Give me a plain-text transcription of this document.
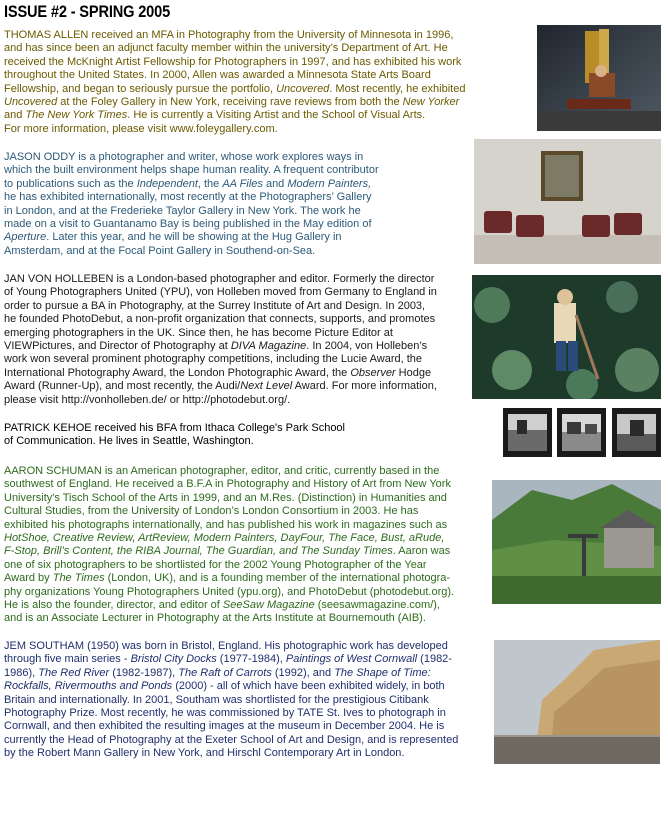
ISSUE #2 - SPRING 2005

THOMAS ALLEN received an MFA in Photography from the University of Minnesota in 1996,
and has since been an adjunct faculty member within the university’s Department of Art. He
received the McKnight Artist Fellowship for Photographers in 1997, and has exhibited his work
throughout the United States. In 2000, Allen was awarded a Minnesota State Arts Board
Fellowship, and began to seriously pursue the portfolio, Uncovered. Most recently, he exhibited
Uncovered at the Foley Gallery in New York, receiving rave reviews from both the New Yorker
and The New York Times. He is currently a Visiting Artist and the School of Visual Arts.
For more information, please visit www.foleygallery.com.

JASON ODDY is a photographer and writer, whose work explores ways in
which the built environment helps shape human reality. A frequent contributor
to publications such as the Independent, the AA Files and Modern Painters,
he has exhibited internationally, most recently at the Photographers’ Gallery
in London, and at the Frederieke Taylor Gallery in New York. The work he
made on a visit to Guantanamo Bay is being published in the May edition of
Aperture. Later this year, and he will be showing at the Hug Gallery in
Amsterdam, and at the Focal Point Gallery in Southend-on-Sea.

JAN VON HOLLEBEN is a London-based photographer and editor. Formerly the director
of Young Photographers United (YPU), von Holleben moved from Germany to England in
order to pursue a BA in Photography, at the Surrey Institute of Art and Design. In 2003,
he founded PhotoDebut, a non-profit organization that connects, supports, and promotes
emerging photographers in the UK. Since then, he has become Picture Editor at
VIEWPictures, and Director of Photography at DIVA Magazine. In 2004, von Holleben’s
work won several prominent photography competitions, including the Lucie Award, the
International Photography Award, the London Photographic Award, the Observer Hodge
Award (Runner-Up), and most recently, the Audi/Next Level Award. For more information,
please visit http://vonholleben.de/ or http://photodebut.org/.

PATRICK KEHOE received his BFA from Ithaca College's Park School
of Communication. He lives in Seattle, Washington.

AARON SCHUMAN is an American photographer, editor, and critic, currently based in the
southwest of England. He received a B.F.A in Photography and History of Art from New York
University's Tisch School of the Arts in 1999, and an M.Res. (Distinction) in Humanities and
Cultural Studies, from the University of London’s London Consortium in 2003. He has
exhibited his photographs internationally, and has published his work in magazines such as
HotShoe, Creative Review, ArtReview, Modern Painters, DayFour, The Face, Bust, aRude,
F-Stop, Brill’s Content, the RIBA Journal, The Guardian, and The Sunday Times. Aaron was
one of six photographers to be shortlisted for the 2002 Young Photographer of the Year
Award by The Times (London, UK), and is a founding member of the international photogra-
phy organizations Young Photographers United (ypu.org), and PhotoDebut (photodebut.org).
He is also the founder, director, and editor of SeeSaw Magazine (seesawmagazine.com/),
and is an Associate Lecturer in Photography at the Arts Institute at Bournemouth (AIB).

JEM SOUTHAM (1950) was born in Bristol, England. His photographic work has developed
through five main series - Bristol City Docks (1977-1984), Paintings of West Cornwall (1982-
1986), The Red River (1982-1987), The Raft of Carrots (1992), and The Shape of Time:
Rockfalls, Rivermouths and Ponds (2000) - all of which have been exhibited widely, in both
Britain and internationally. In 2001, Southam was shortlisted for the prestigious Citibank
Photography Prize. Most recently, he was commissioned by TATE St. Ives to photograph in
Cornwall, and then exhibited the resulting images at the museum in December 2004. He is
currently the Head of Photography at the Exeter School of Art and Design, and is represented
by the Robert Mann Gallery in New York, and Hirschl Contemporary Art in London.
